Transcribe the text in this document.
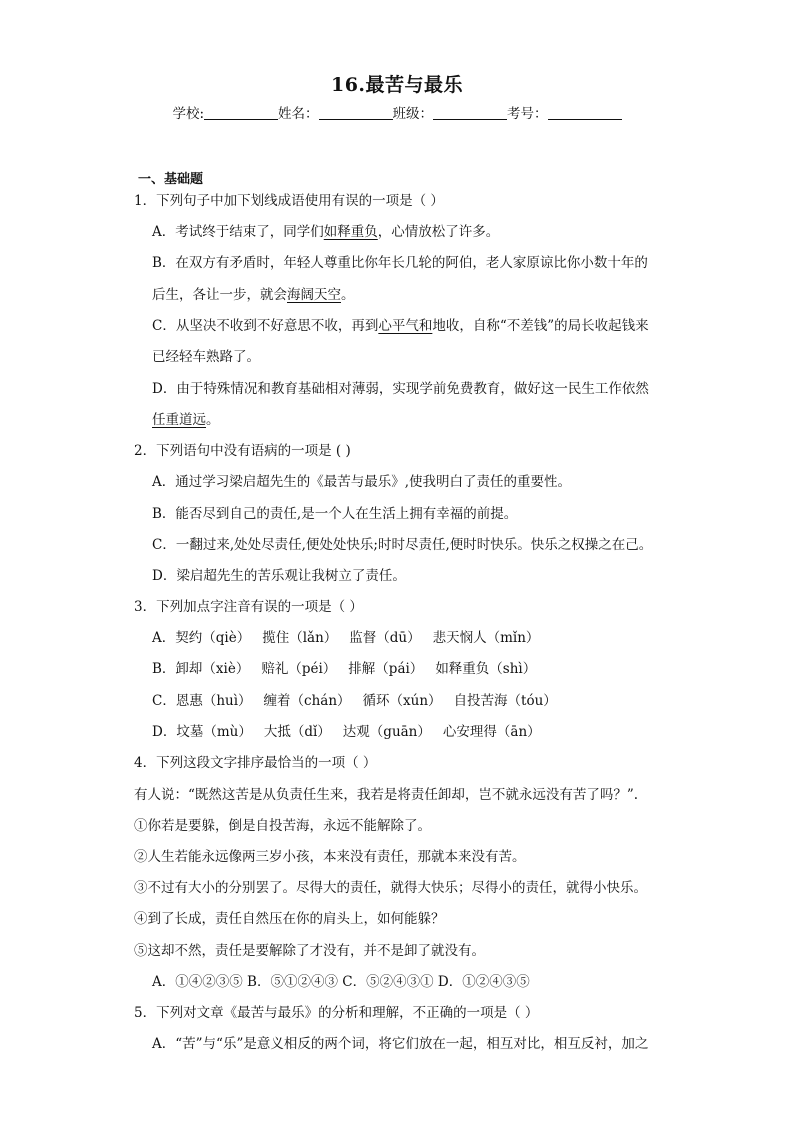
16.最苦与最乐
学校:	姓名：	班级：	考号：
一、基础题
1．下列句子中加下划线成语使用有误的一项是（ ）
A．考试终于结束了，同学们如释重负，心情放松了许多。
B．在双方有矛盾时，年轻人尊重比你年长几轮的阿伯，老人家原谅比你小数十年的
后生，各让一步，就会海阔天空。
C．从坚决不收到不好意思不收，再到心平气和地收，自称“不差钱”的局长收起钱来
已经轻车熟路了。
D．由于特殊情况和教育基础相对薄弱，实现学前免费教育，做好这一民生工作依然
任重道远。
2．下列语句中没有语病的一项是 ( )
A．通过学习梁启超先生的《最苦与最乐》,使我明白了责任的重要性。
B．能否尽到自己的责任,是一个人在生活上拥有幸福的前提。
C．一翻过来,处处尽责任,便处处快乐;时时尽责任,便时时快乐。快乐之权操之在己。
D．梁启超先生的苦乐观让我树立了责任。
3．下列加点字注音有误的一项是（ ）
A．契约（qiè） 揽住（lǎn） 监督（dū） 悲天悯人（mǐn）
B．卸却（xiè） 赔礼（péi） 排解（pái） 如释重负（shì）
C．恩惠（huì） 缠着（chán） 循环（xún） 自投苦海（tóu）
D．坟墓（mù） 大抵（dǐ） 达观（guān） 心安理得（ān）
4．下列这段文字排序最恰当的一项（ ）
有人说：“既然这苦是从负责任生来，我若是将责任卸却，岂不就永远没有苦了吗？”.
①你若是要躲，倒是自投苦海，永远不能解除了。
②人生若能永远像两三岁小孩，本来没有责任，那就本来没有苦。
③不过有大小的分别罢了。尽得大的责任，就得大快乐；尽得小的责任，就得小快乐。
④到了长成，责任自然压在你的肩头上，如何能躲？
⑤这却不然，责任是要解除了才没有，并不是卸了就没有。
A．①④②③⑤ B．⑤①②④③ C．⑤②④③① D．①②④③⑤
5．下列对文章《最苦与最乐》的分析和理解，不正确的一项是（ ）
A．“苦”与“乐”是意义相反的两个词，将它们放在一起，相互对比，相互反衬，加之
